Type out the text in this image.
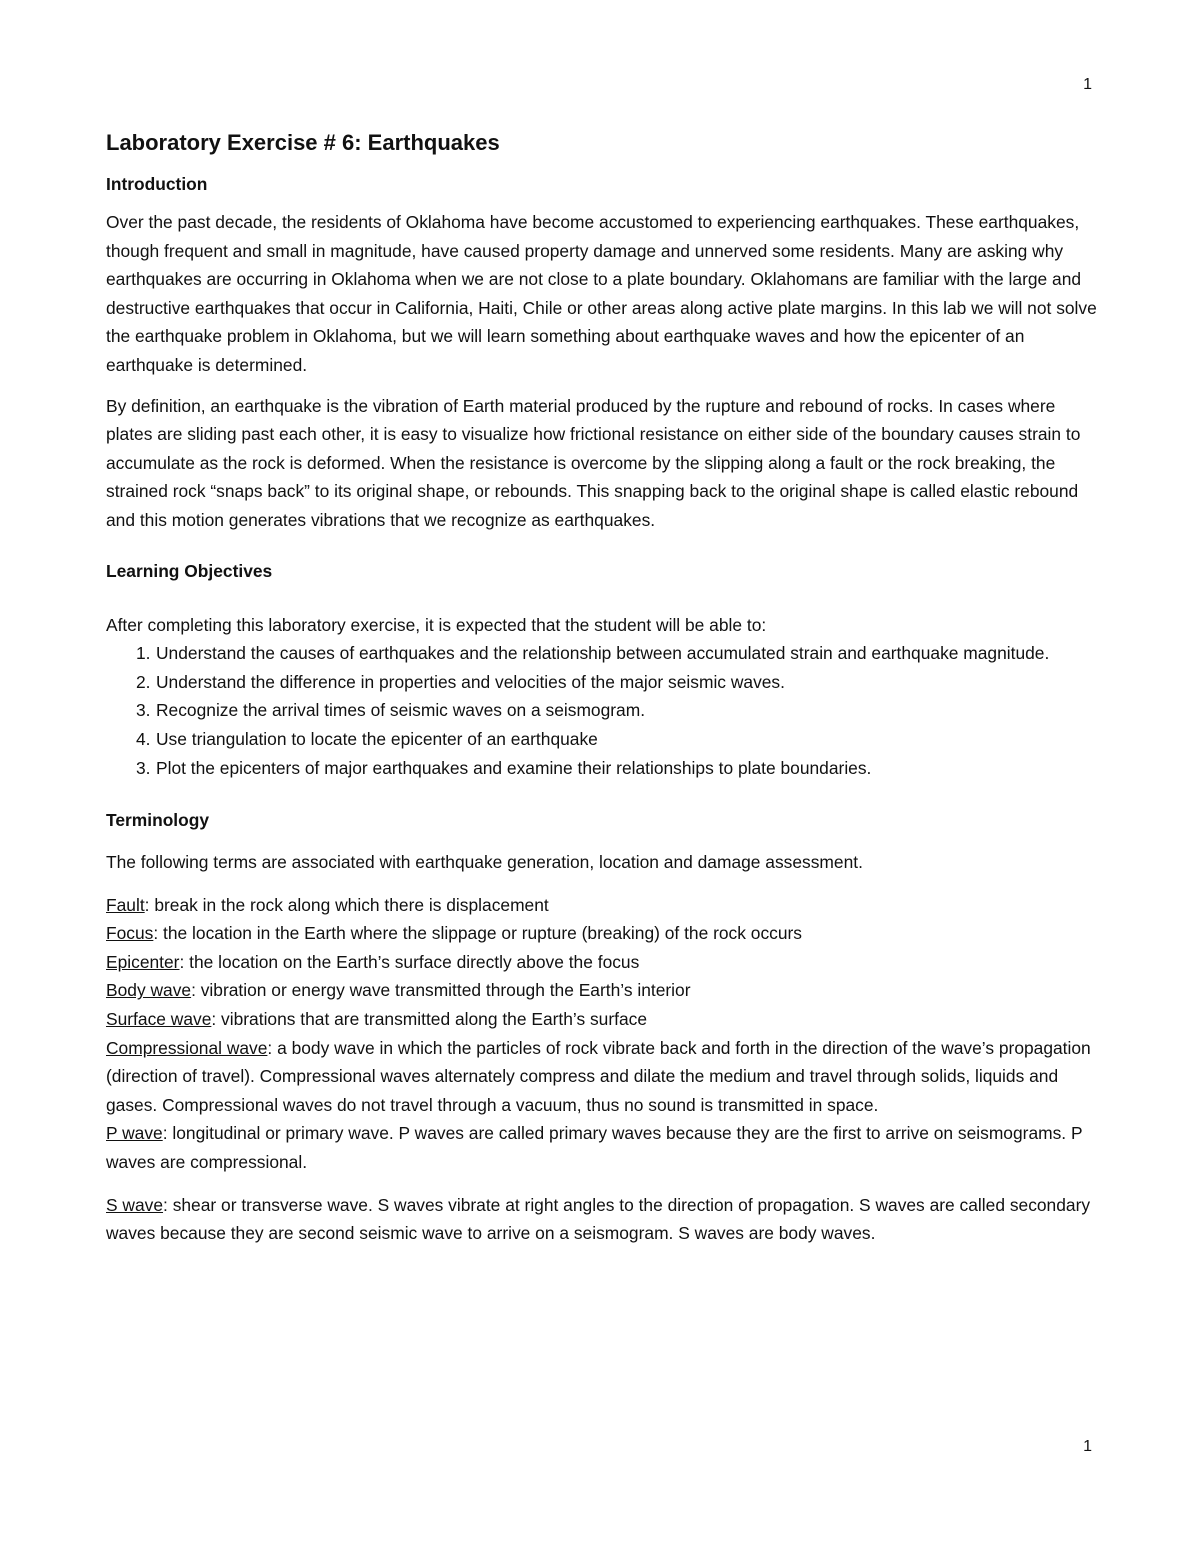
1
Laboratory Exercise # 6: Earthquakes
Introduction

Over the past decade, the residents of Oklahoma have become accustomed to experiencing earthquakes. These earthquakes, though frequent and small in magnitude, have caused property damage and unnerved some residents. Many are asking why earthquakes are occurring in Oklahoma when we are not close to a plate boundary. Oklahomans are familiar with the large and destructive earthquakes that occur in California, Haiti, Chile or other areas along active plate margins. In this lab we will not solve the earthquake problem in Oklahoma, but we will learn something about earthquake waves and how the epicenter of an earthquake is determined.

By definition, an earthquake is the vibration of Earth material produced by the rupture and rebound of rocks. In cases where plates are sliding past each other, it is easy to visualize how frictional resistance on either side of the boundary causes strain to accumulate as the rock is deformed. When the resistance is overcome by the slipping along a fault or the rock breaking, the strained rock “snaps back” to its original shape, or rebounds. This snapping back to the original shape is called elastic rebound and this motion generates vibrations that we recognize as earthquakes.

Learning Objectives
After completing this laboratory exercise, it is expected that the student will be able to:
1. Understand the causes of earthquakes and the relationship between accumulated strain and earthquake magnitude.
2. Understand the difference in properties and velocities of the major seismic waves.
3. Recognize the arrival times of seismic waves on a seismogram.
4. Use triangulation to locate the epicenter of an earthquake
3. Plot the epicenters of major earthquakes and examine their relationships to plate boundaries.
Terminology

The following terms are associated with earthquake generation, location and damage assessment.

Fault: break in the rock along which there is displacement

Focus: the location in the Earth where the slippage or rupture (breaking) of the rock occurs

Epicenter: the location on the Earth’s surface directly above the focus

Body wave: vibration or energy wave transmitted through the Earth’s interior

Surface wave: vibrations that are transmitted along the Earth’s surface

Compressional wave: a body wave in which the particles of rock vibrate back and forth in the direction of the wave’s propagation (direction of travel). Compressional waves alternately compress and dilate the medium and travel through solids, liquids and gases. Compressional waves do not travel through a vacuum, thus no sound is transmitted in space.

P wave: longitudinal or primary wave. P waves are called primary waves because they are the first to arrive on seismograms. P waves are compressional.

S wave: shear or transverse wave. S waves vibrate at right angles to the direction of propagation. S waves are called secondary waves because they are second seismic wave to arrive on a seismogram. S waves are body waves.

1
